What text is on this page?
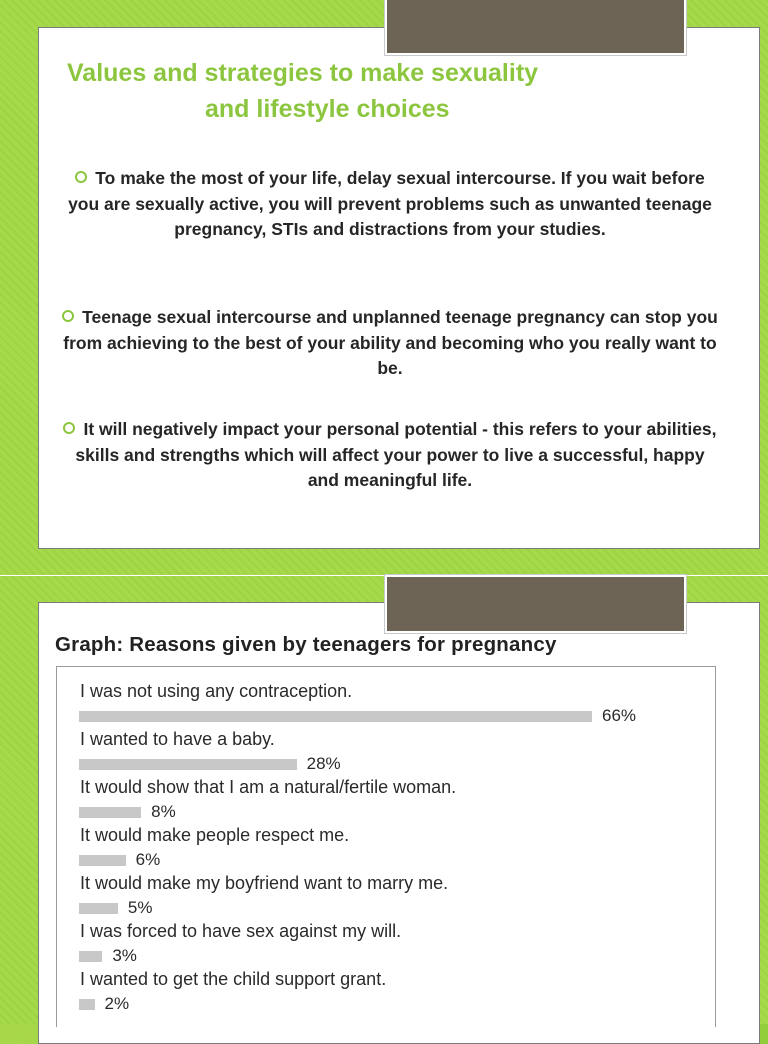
Values and strategies to make sexuality
and lifestyle choices
To make the most of your life, delay sexual intercourse. If you wait before you are sexually active, you will prevent problems such as unwanted teenage pregnancy, STIs and distractions from your studies.
Teenage sexual intercourse and unplanned teenage pregnancy can stop you from achieving to the best of your ability and becoming who you really want to be.
It will negatively impact your personal potential - this refers to your abilities, skills and strengths which will affect your power to live a successful, happy and meaningful life.
Graph: Reasons given by teenagers for pregnancy
I was not using any contraception.
66%
I wanted to have a baby.
28%
It would show that I am a natural/fertile woman.
8%
It would make people respect me.
6%
It would make my boyfriend want to marry me.
5%
I was forced to have sex against my will.
3%
I wanted to get the child support grant.
2%
